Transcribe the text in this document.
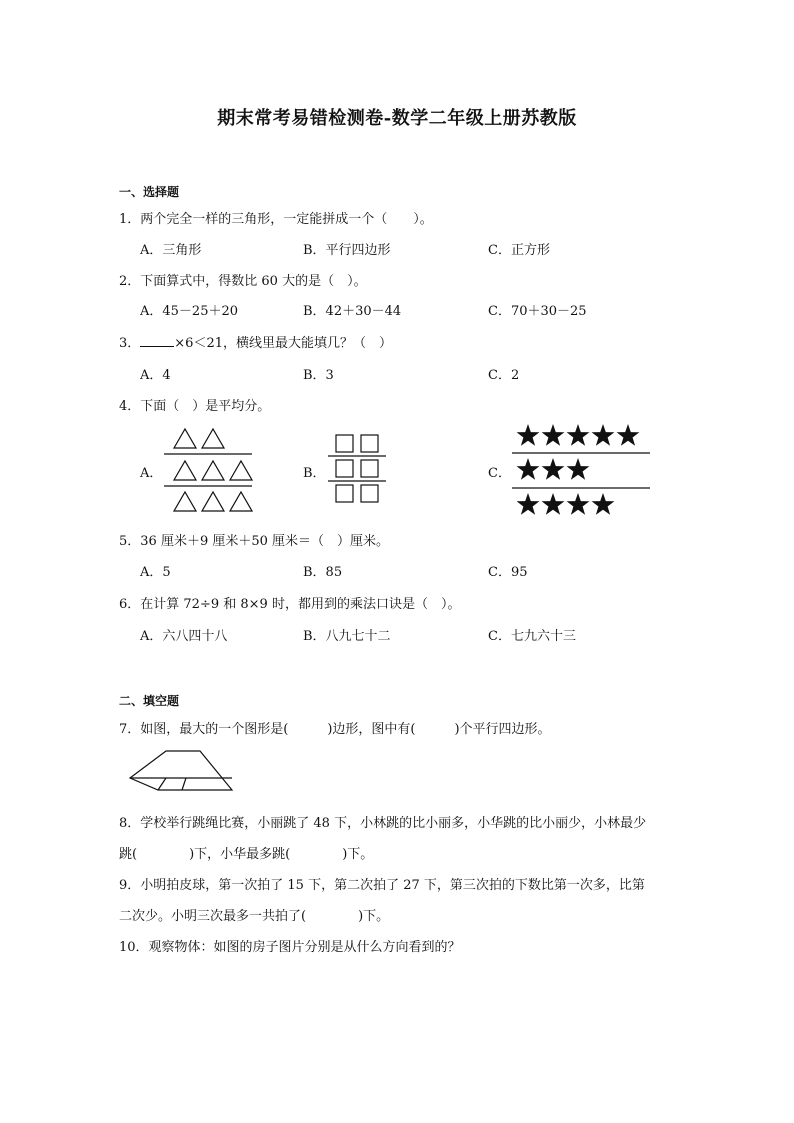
期末常考易错检测卷-数学二年级上册苏教版
一、选择题
1．两个完全一样的三角形，一定能拼成一个（　　）。
A．三角形	B．平行四边形	C．正方形
2．下面算式中，得数比 60 大的是（　）。
A．45－25＋20	B．42＋30－44	C．70＋30－25
3．	×6＜21，横线里最大能填几？（　）
A．4	B．3	C．2
4．下面（　）是平均分。
A．	B．	C．
5．36 厘米＋9 厘米＋50 厘米＝（　）厘米。
A．5	B．85	C．95
6．在计算 72÷9 和 8×9 时，都用到的乘法口诀是（　）。
A．六八四十八	B．八九七十二	C．七九六十三
二、填空题
7．如图，最大的一个图形是(　　　)边形，图中有(　　　)个平行四边形。
8．学校举行跳绳比赛，小丽跳了 48 下，小林跳的比小丽多，小华跳的比小丽少，小林最少
跳(　　　　)下，小华最多跳(　　　　)下。
9．小明拍皮球，第一次拍了 15 下，第二次拍了 27 下，第三次拍的下数比第一次多，比第
二次少。小明三次最多一共拍了(　　　　)下。
10．观察物体：如图的房子图片分别是从什么方向看到的？
